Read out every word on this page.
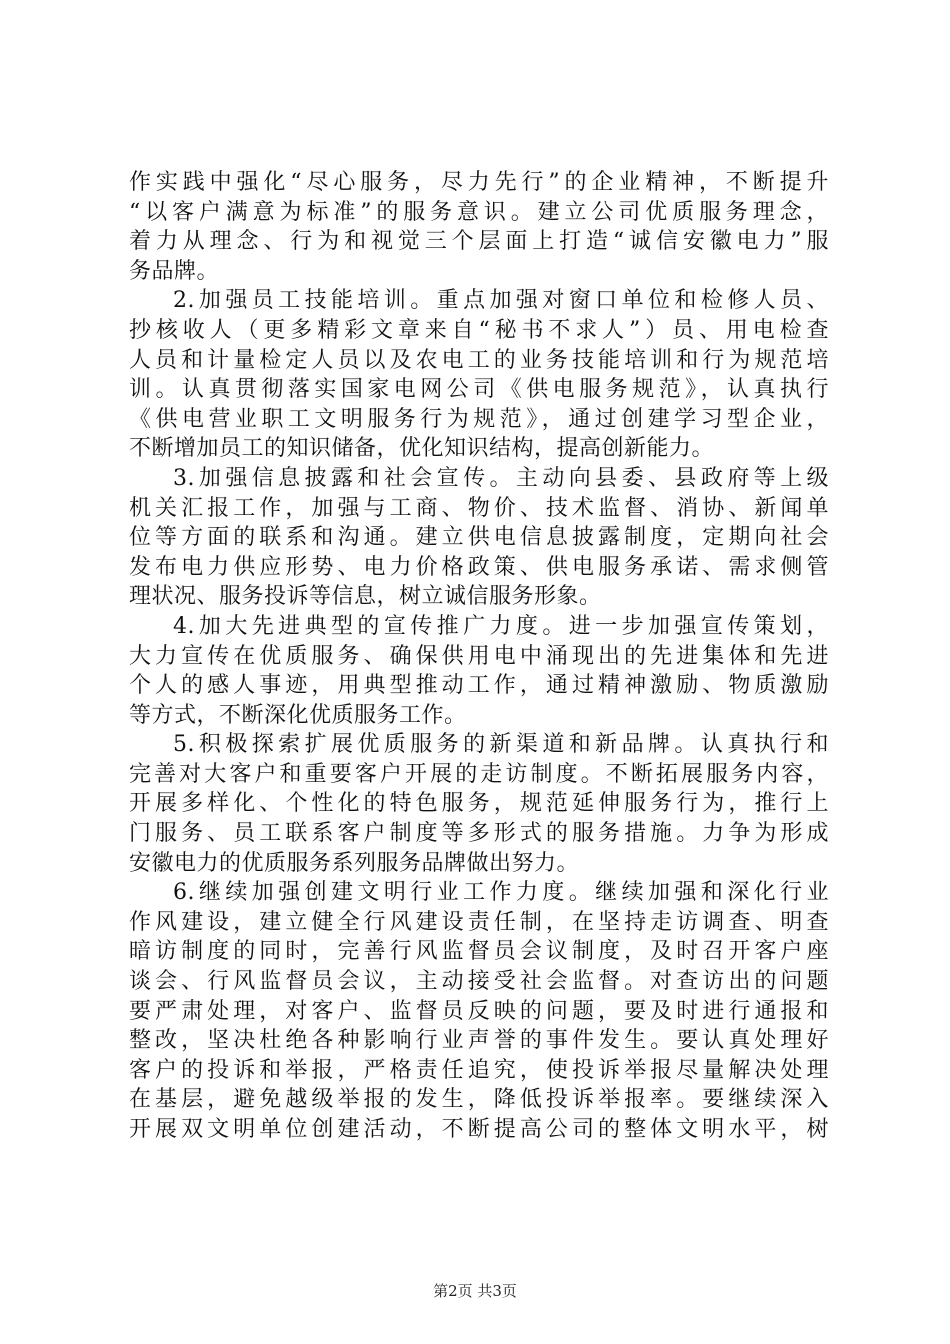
作实践中强化“尽心服务，尽力先行”的企业精神，不断提升
“以客户满意为标准”的服务意识。建立公司优质服务理念，
着力从理念、行为和视觉三个层面上打造“诚信安徽电力”服
务品牌。
2.加强员工技能培训。重点加强对窗口单位和检修人员、
抄核收人（更多精彩文章来自“秘书不求人”）员、用电检查
人员和计量检定人员以及农电工的业务技能培训和行为规范培
训。认真贯彻落实国家电网公司《供电服务规范》，认真执行
《供电营业职工文明服务行为规范》，通过创建学习型企业，
不断增加员工的知识储备，优化知识结构，提高创新能力。
3.加强信息披露和社会宣传。主动向县委、县政府等上级
机关汇报工作，加强与工商、物价、技术监督、消协、新闻单
位等方面的联系和沟通。建立供电信息披露制度，定期向社会
发布电力供应形势、电力价格政策、供电服务承诺、需求侧管
理状况、服务投诉等信息，树立诚信服务形象。
4.加大先进典型的宣传推广力度。进一步加强宣传策划，
大力宣传在优质服务、确保供用电中涌现出的先进集体和先进
个人的感人事迹，用典型推动工作，通过精神激励、物质激励
等方式，不断深化优质服务工作。
5.积极探索扩展优质服务的新渠道和新品牌。认真执行和
完善对大客户和重要客户开展的走访制度。不断拓展服务内容，
开展多样化、个性化的特色服务，规范延伸服务行为，推行上
门服务、员工联系客户制度等多形式的服务措施。力争为形成
安徽电力的优质服务系列服务品牌做出努力。
6.继续加强创建文明行业工作力度。继续加强和深化行业
作风建设，建立健全行风建设责任制，在坚持走访调查、明查
暗访制度的同时，完善行风监督员会议制度，及时召开客户座
谈会、行风监督员会议，主动接受社会监督。对查访出的问题
要严肃处理，对客户、监督员反映的问题，要及时进行通报和
整改，坚决杜绝各种影响行业声誉的事件发生。要认真处理好
客户的投诉和举报，严格责任追究，使投诉举报尽量解决处理
在基层，避免越级举报的发生，降低投诉举报率。要继续深入
开展双文明单位创建活动，不断提高公司的整体文明水平，树
第2页 共3页
